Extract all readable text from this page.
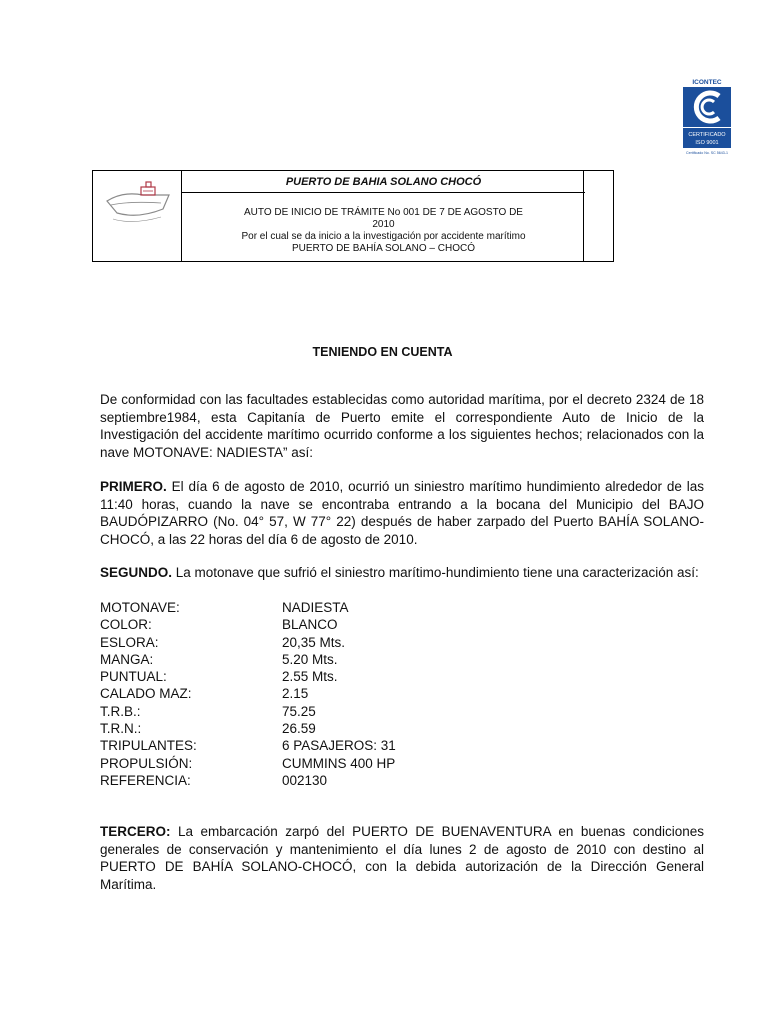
ICONTEC
CERTIFICADO
ISO 9001
Certificado No. SC 5643-1
PUERTO DE BAHIA SOLANO CHOCÓ
AUTO DE INICIO DE TRÁMITE No 001 DE 7 DE AGOSTO DE
2010
Por el cual se da inicio a la investigación por accidente marítimo
PUERTO DE BAHÍA SOLANO – CHOCÓ
TENIENDO EN CUENTA
De conformidad con las facultades establecidas como autoridad marítima, por el decreto 2324 de 18 septiembre1984, esta Capitanía de Puerto emite el correspondiente Auto de Inicio de la Investigación del accidente marítimo ocurrido conforme a los siguientes hechos; relacionados con la nave MOTONAVE: NADIESTA” así:
PRIMERO. El día 6 de agosto de 2010, ocurrió un siniestro marítimo hundimiento alrededor de las 11:40 horas, cuando la nave se encontraba entrando a la bocana del Municipio del BAJO BAUDÓPIZARRO (No. 04° 57, W 77° 22) después de haber zarpado del Puerto BAHÍA SOLANO-CHOCÓ, a las 22 horas del día 6 de agosto de 2010.
SEGUNDO. La motonave que sufrió el siniestro marítimo-hundimiento tiene una caracterización así:
MOTONAVE:	NADIESTA
COLOR:	BLANCO
ESLORA:	20,35 Mts.
MANGA:	5.20 Mts.
PUNTUAL:	2.55 Mts.
CALADO MAZ:	2.15
T.R.B.:	75.25
T.R.N.:	26.59
TRIPULANTES:	6 PASAJEROS: 31
PROPULSIÓN:	CUMMINS 400 HP
REFERENCIA:	002130
TERCERO: La embarcación zarpó del PUERTO DE BUENAVENTURA en buenas condiciones generales de conservación y mantenimiento el día lunes 2 de agosto de 2010 con destino al PUERTO DE BAHÍA SOLANO-CHOCÓ, con la debida autorización de la Dirección General Marítima.
